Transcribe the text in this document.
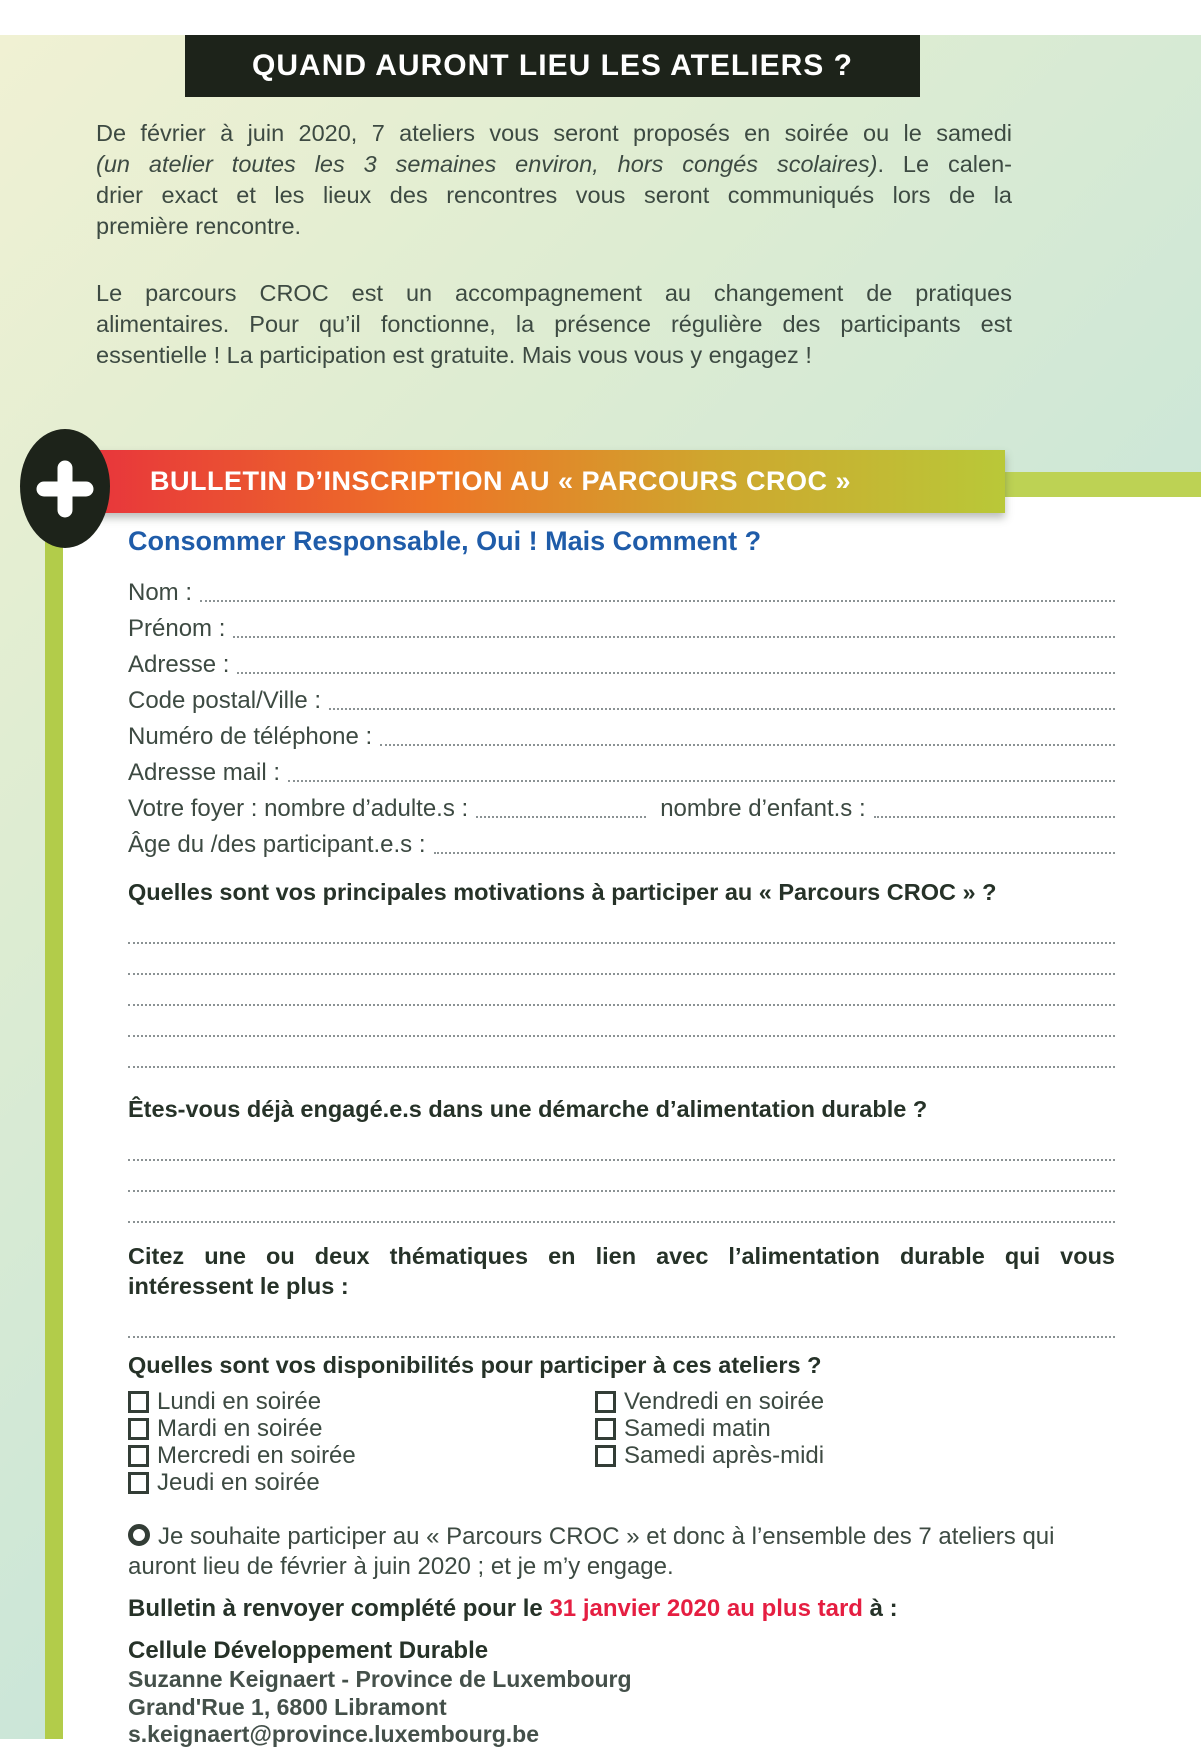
QUAND AURONT LIEU LES ATELIERS ?
De février à juin 2020, 7 ateliers vous seront proposés en soirée ou le samedi
(un atelier toutes les 3 semaines environ, hors congés scolaires). Le calen-
drier exact et les lieux des rencontres vous seront communiqués lors de la
première rencontre.
Le parcours CROC est un accompagnement au changement de pratiques
alimentaires. Pour qu’il fonctionne, la présence régulière des participants est
essentielle ! La participation est gratuite. Mais vous vous y engagez !
BULLETIN D’INSCRIPTION AU « PARCOURS CROC »
Consommer Responsable, Oui ! Mais Comment ?
Nom :
Prénom :
Adresse :
Code postal/Ville :
Numéro de téléphone :
Adresse mail :
Votre foyer : nombre d’adulte.s :	nombre d’enfant.s :
Âge du /des participant.e.s :
Quelles sont vos principales motivations à participer au « Parcours CROC » ?
Êtes-vous déjà engagé.e.s dans une démarche d’alimentation durable ?
Citez une ou deux thématiques en lien avec l’alimentation durable qui vous
intéressent le plus :
Quelles sont vos disponibilités pour participer à ces ateliers ?
Lundi en soirée
Mardi en soirée
Mercredi en soirée
Jeudi en soirée
Vendredi en soirée
Samedi matin
Samedi après-midi
Je souhaite participer au « Parcours CROC » et donc à l’ensemble des 7 ateliers qui
auront lieu de février à juin 2020 ; et je m’y engage.
Bulletin à renvoyer complété pour le 31 janvier 2020 au plus tard à :
Cellule Développement Durable
Suzanne Keignaert - Province de Luxembourg
Grand'Rue 1, 6800 Libramont
s.keignaert@province.luxembourg.be
